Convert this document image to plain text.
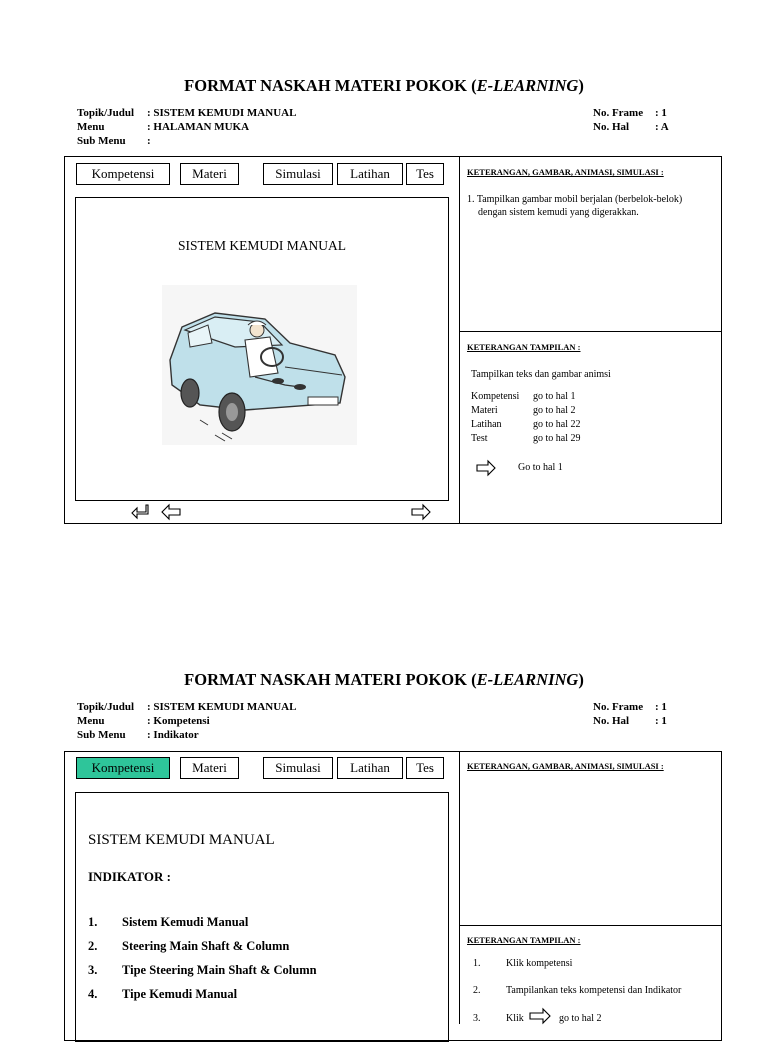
FORMAT NASKAH MATERI POKOK (E-LEARNING)
Topik/Judul : SISTEM KEMUDI MANUAL
Menu	: HALAMAN MUKA
Sub Menu :
No. Frame : 1
No. Hal : A
Kompetensi	Materi	Simulasi	Latihan	Tes
SISTEM KEMUDI MANUAL
KETERANGAN, GAMBAR, ANIMASI, SIMULASI :
1. Tampilkan gambar mobil berjalan (berbelok-belok)
dengan sistem kemudi yang digerakkan.
KETERANGAN TAMPILAN :
Tampilkan teks dan gambar animsi
Kompetensi go to hal 1
Materi	go to hal 2
Latihan	go to hal 22
Test	go to hal 29
Go to hal 1
FORMAT NASKAH MATERI POKOK (E-LEARNING)
Topik/Judul : SISTEM KEMUDI MANUAL
Menu	: Kompetensi
Sub Menu : Indikator
No. Frame : 1
No. Hal : 1
Kompetensi	Materi	Simulasi	Latihan	Tes
SISTEM KEMUDI MANUAL
INDIKATOR :
1. Sistem Kemudi Manual
2. Steering Main Shaft & Column
3. Tipe Steering Main Shaft & Column
4. Tipe Kemudi Manual
KETERANGAN, GAMBAR, ANIMASI, SIMULASI :
KETERANGAN TAMPILAN :
1.	Klik kompetensi
2.	Tampilankan teks kompetensi dan Indikator
3.	Klik	go to hal 2
